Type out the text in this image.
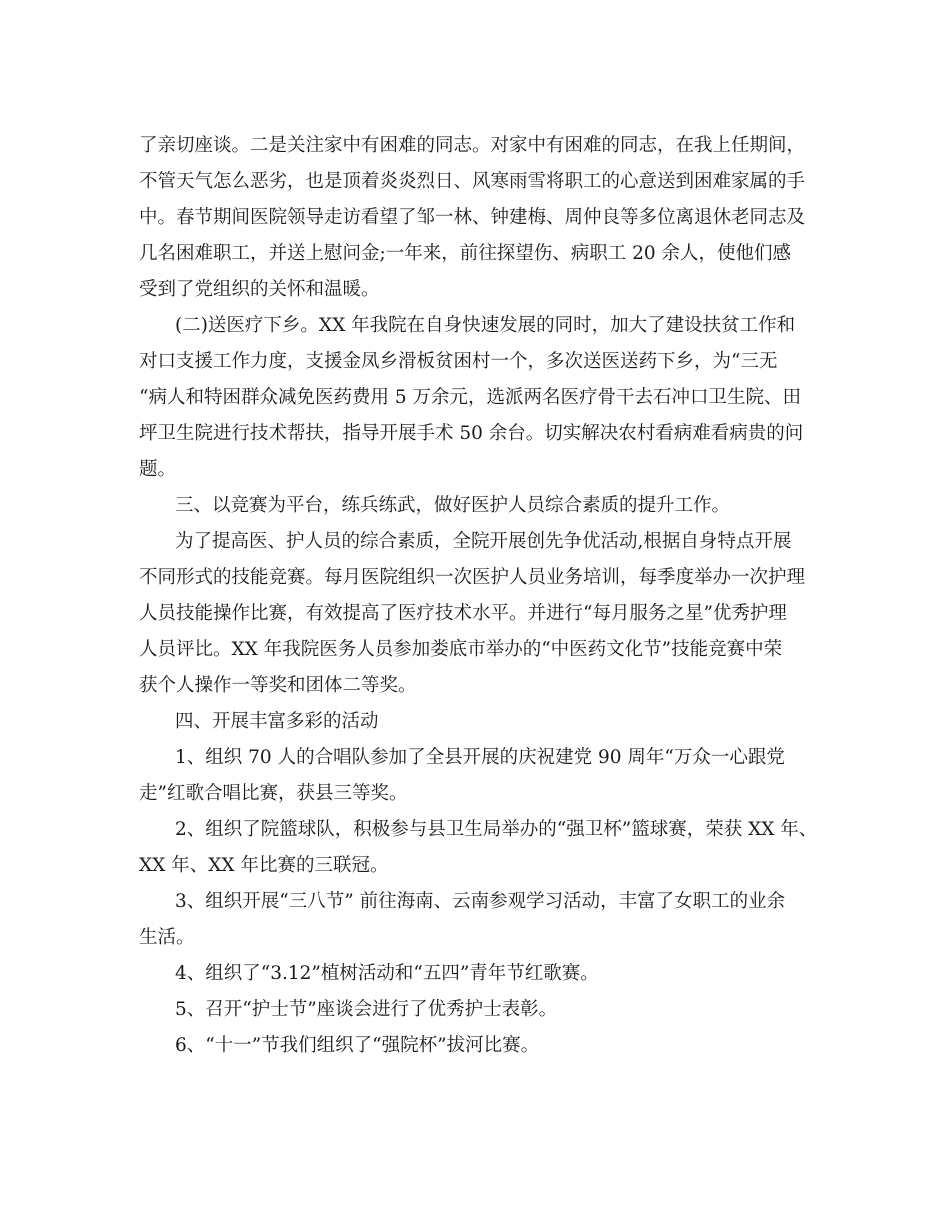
了亲切座谈。二是关注家中有困难的同志。对家中有困难的同志，在我上任期间，
不管天气怎么恶劣，也是顶着炎炎烈日、风寒雨雪将职工的心意送到困难家属的手
中。春节期间医院领导走访看望了邹一林、钟建梅、周仲良等多位离退休老同志及
几名困难职工，并送上慰问金;一年来，前往探望伤、病职工 20 余人，使他们感
受到了党组织的关怀和温暖。
(二)送医疗下乡。XX 年我院在自身快速发展的同时，加大了建设扶贫工作和
对口支援工作力度，支援金凤乡滑板贫困村一个，多次送医送药下乡，为“三无
“病人和特困群众减免医药费用 5 万余元，选派两名医疗骨干去石冲口卫生院、田
坪卫生院进行技术帮扶，指导开展手术 50 余台。切实解决农村看病难看病贵的问
题。
三、以竞赛为平台，练兵练武，做好医护人员综合素质的提升工作。
为了提高医、护人员的综合素质，全院开展创先争优活动,根据自身特点开展
不同形式的技能竞赛。每月医院组织一次医护人员业务培训，每季度举办一次护理
人员技能操作比赛，有效提高了医疗技术水平。并进行“每月服务之星”优秀护理
人员评比。XX 年我院医务人员参加娄底市举办的“中医药文化节”技能竞赛中荣
获个人操作一等奖和团体二等奖。
四、开展丰富多彩的活动
1、组织 70 人的合唱队参加了全县开展的庆祝建党 90 周年“万众一心跟党
走”红歌合唱比赛，获县三等奖。
2、组织了院篮球队，积极参与县卫生局举办的“强卫杯”篮球赛，荣获 XX 年、
XX 年、XX 年比赛的三联冠。
3、组织开展“三八节” 前往海南、云南参观学习活动，丰富了女职工的业余
生活。
4、组织了“3.12”植树活动和“五四”青年节红歌赛。
5、召开“护士节”座谈会进行了优秀护士表彰。
6、“十一”节我们组织了“强院杯”拔河比赛。
